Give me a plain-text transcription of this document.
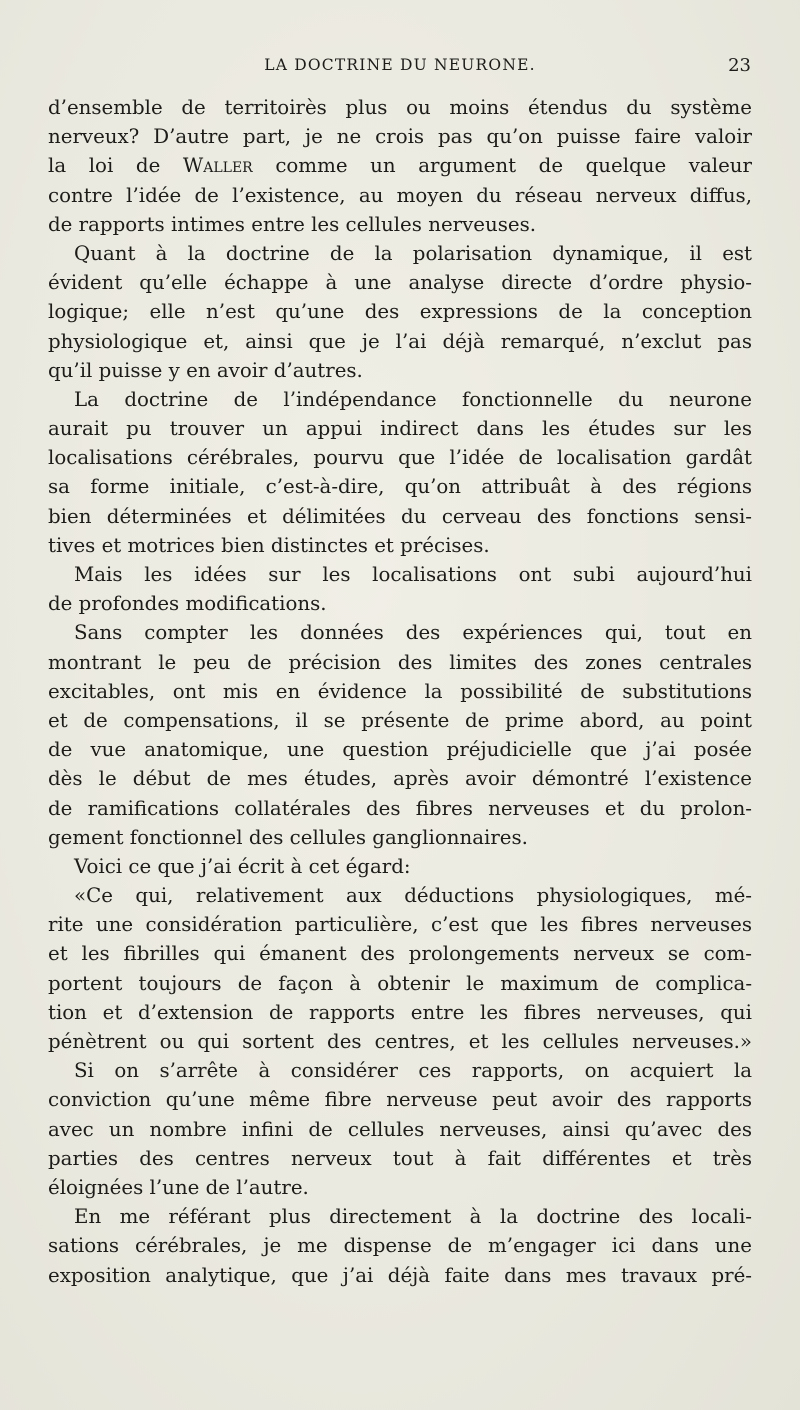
LA DOCTRINE DU NEURONE.	23
d’ensemble de territoirès plus ou moins étendus du système
nerveux? D’autre part, je ne crois pas qu’on puisse faire valoir
la loi de Waller comme un argument de quelque valeur
contre l’idée de l’existence, au moyen du réseau nerveux diffus,
de rapports intimes entre les cellules nerveuses.
Quant à la doctrine de la polarisation dynamique, il est
évident qu’elle échappe à une analyse directe d’ordre physio-
logique; elle n’est qu’une des expressions de la conception
physiologique et, ainsi que je l’ai déjà remarqué, n’exclut pas
qu’il puisse y en avoir d’autres.
La doctrine de l’indépendance fonctionnelle du neurone
aurait pu trouver un appui indirect dans les études sur les
localisations cérébrales, pourvu que l’idée de localisation gardât
sa forme initiale, c’est-à-dire, qu’on attribuât à des régions
bien déterminées et délimitées du cerveau des fonctions sensi-
tives et motrices bien distinctes et précises.
Mais les idées sur les localisations ont subi aujourd’hui
de profondes modifications.
Sans compter les données des expériences qui, tout en
montrant le peu de précision des limites des zones centrales
excitables, ont mis en évidence la possibilité de substitutions
et de compensations, il se présente de prime abord, au point
de vue anatomique, une question préjudicielle que j’ai posée
dès le début de mes études, après avoir démontré l’existence
de ramifications collatérales des fibres nerveuses et du prolon-
gement fonctionnel des cellules ganglionnaires.
Voici ce que j’ai écrit à cet égard:
«Ce qui, relativement aux déductions physiologiques, mé-
rite une considération particulière, c’est que les fibres nerveuses
et les fibrilles qui émanent des prolongements nerveux se com-
portent toujours de façon à obtenir le maximum de complica-
tion et d’extension de rapports entre les fibres nerveuses, qui
pénètrent ou qui sortent des centres, et les cellules nerveuses.»
Si on s’arrête à considérer ces rapports, on acquiert la
conviction qu’une même fibre nerveuse peut avoir des rapports
avec un nombre infini de cellules nerveuses, ainsi qu’avec des
parties des centres nerveux tout à fait différentes et très
éloignées l’une de l’autre.
En me référant plus directement à la doctrine des locali-
sations cérébrales, je me dispense de m’engager ici dans une
exposition analytique, que j’ai déjà faite dans mes travaux pré-
